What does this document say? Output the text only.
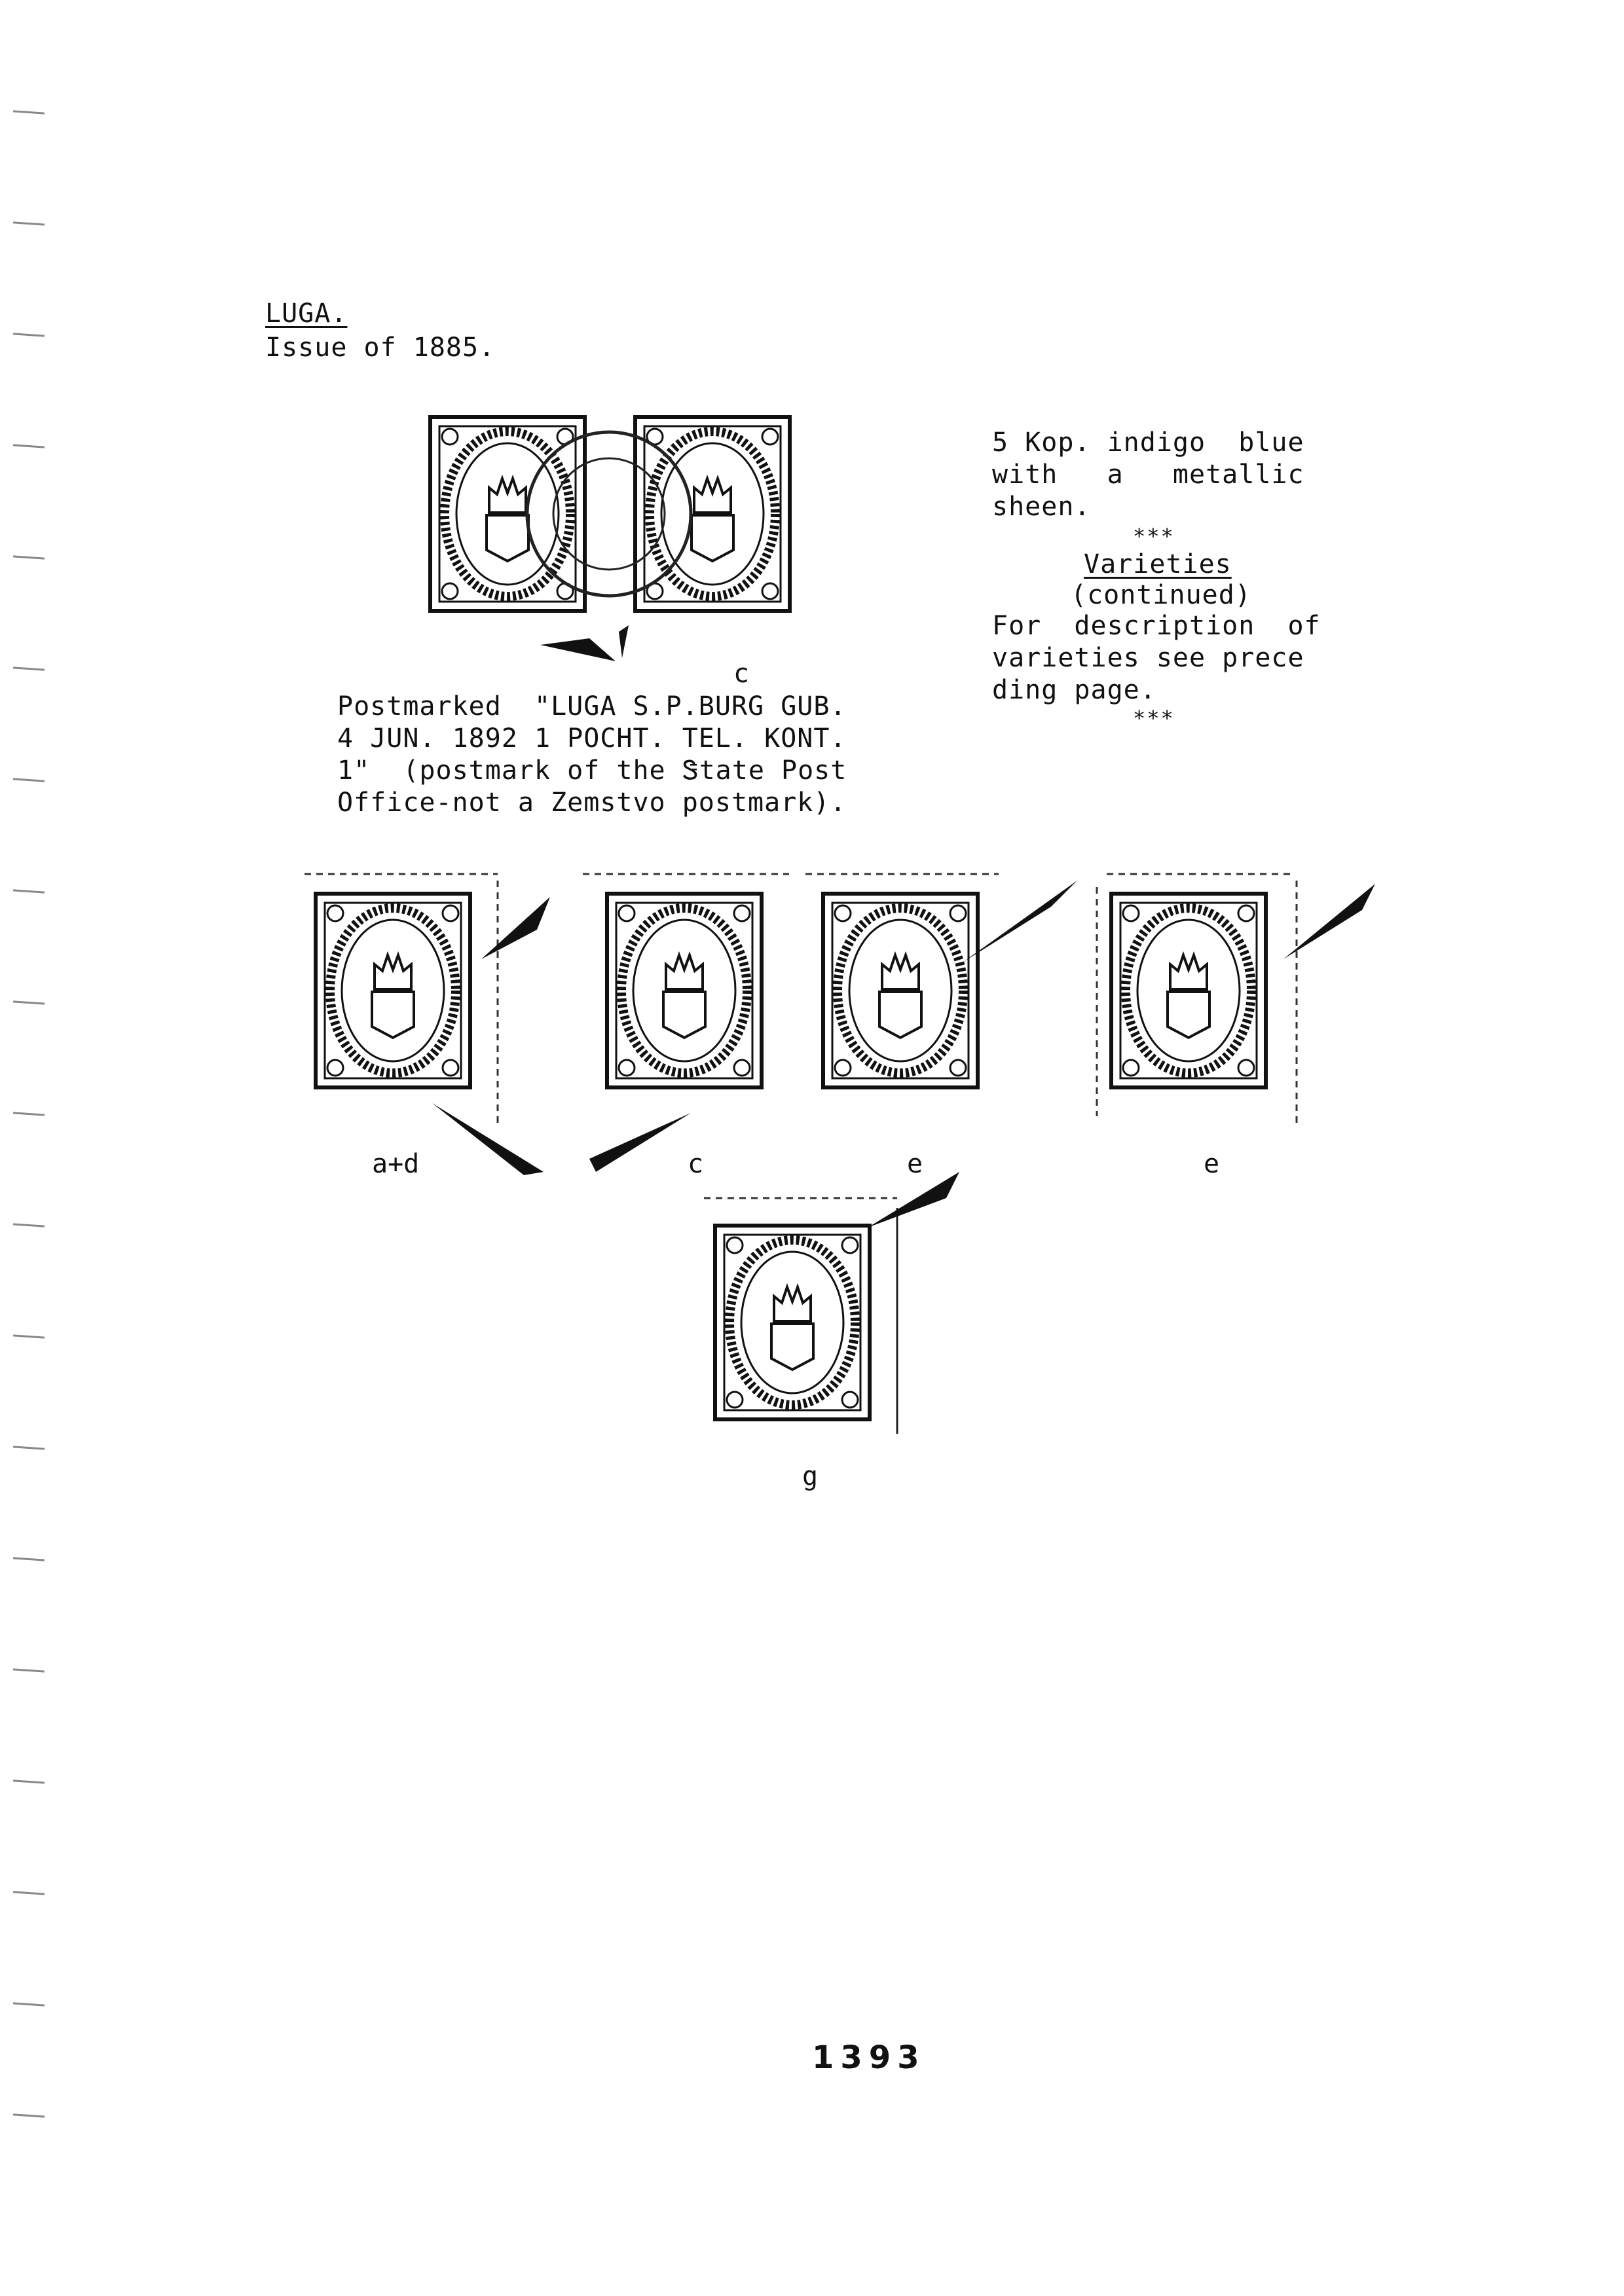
LUGA.
Issue of 1885.
5 Kop. indigo  blue
with   a   metallic
sheen.
***
Varieties
(continued)
For  description  of
varieties see prece
ding page.
***
c
Postmarked  "LUGA S.P.BURG GUB.
4 JUN. 1892 1 POCHT. TEL. KONT.
1"  (postmark of the Ꮥtate Post
Office-not a Zemstvo postmark).
a+d	c	e	e
g
1393
